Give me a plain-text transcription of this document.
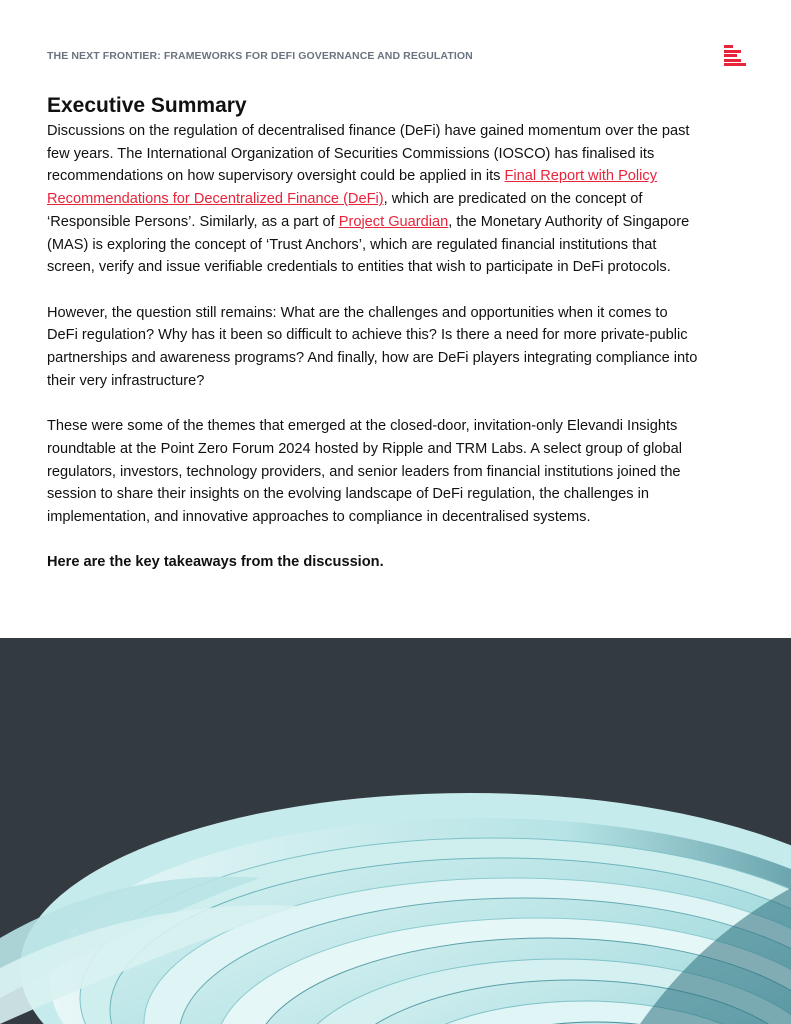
THE NEXT FRONTIER: FRAMEWORKS FOR DEFI GOVERNANCE AND REGULATION
Executive Summary

Discussions on the regulation of decentralised finance (DeFi) have gained momentum over the past few years. The International Organization of Securities Commissions (IOSCO) has finalised its recommendations on how supervisory oversight could be applied in its Final Report with Policy Recommendations for Decentralized Finance (DeFi), which are predicated on the concept of ‘Responsible Persons’. Similarly, as a part of Project Guardian, the Monetary Authority of Singapore (MAS) is exploring the concept of ‘Trust Anchors’, which are regulated financial institutions that screen, verify and issue verifiable credentials to entities that wish to participate in DeFi protocols.

However, the question still remains: What are the challenges and opportunities when it comes to DeFi regulation? Why has it been so difficult to achieve this? Is there a need for more private-public partnerships and awareness programs? And finally, how are DeFi players integrating compliance into their very infrastructure?

These were some of the themes that emerged at the closed-door, invitation-only Elevandi Insights roundtable at the Point Zero Forum 2024 hosted by Ripple and TRM Labs. A select group of global regulators, investors, technology providers, and senior leaders from financial institutions joined the session to share their insights on the evolving landscape of DeFi regulation, the challenges in implementation, and innovative approaches to compliance in decentralised systems.

Here are the key takeaways from the discussion.
